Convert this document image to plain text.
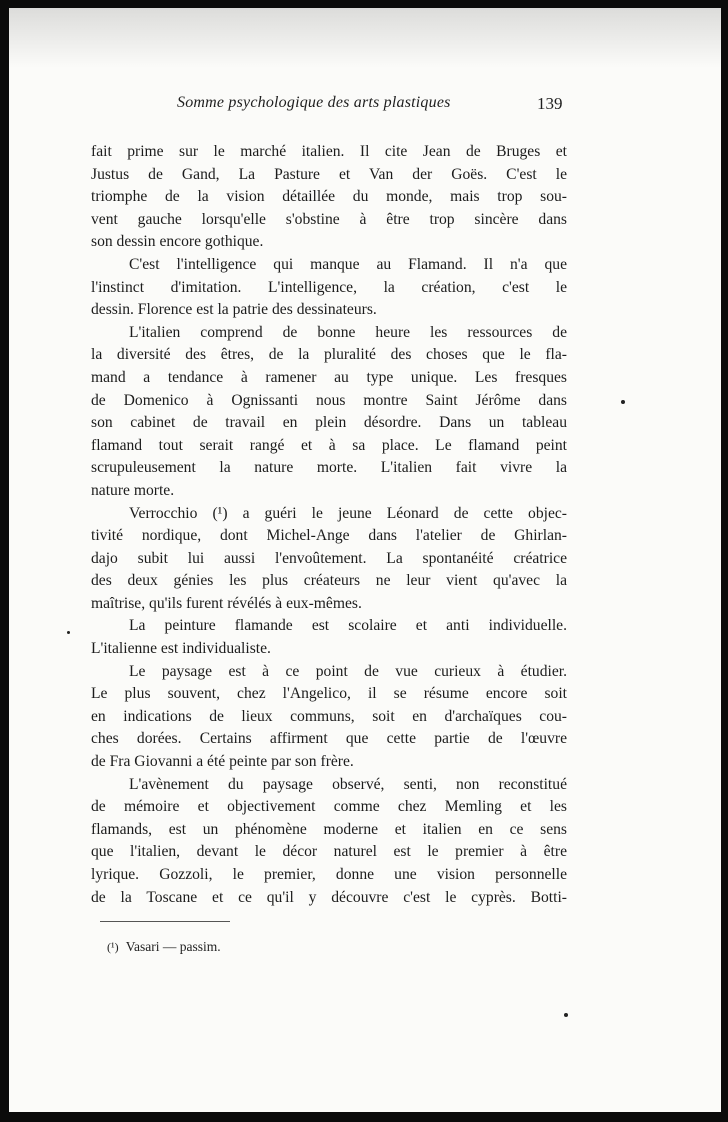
Somme psychologique des arts plastiques	139
fait prime sur le marché italien. Il cite Jean de Bruges et
Justus de Gand, La Pasture et Van der Goës. C'est le
triomphe de la vision détaillée du monde, mais trop sou-
vent gauche lorsqu'elle s'obstine à être trop sincère dans
son dessin encore gothique.
C'est l'intelligence qui manque au Flamand. Il n'a que
l'instinct d'imitation. L'intelligence, la création, c'est le
dessin. Florence est la patrie des dessinateurs.
L'italien comprend de bonne heure les ressources de
la diversité des êtres, de la pluralité des choses que le fla-
mand a tendance à ramener au type unique. Les fresques
de Domenico à Ognissanti nous montre Saint Jérôme dans
son cabinet de travail en plein désordre. Dans un tableau
flamand tout serait rangé et à sa place. Le flamand peint
scrupuleusement la nature morte. L'italien fait vivre la
nature morte.
Verrocchio (¹) a guéri le jeune Léonard de cette objec-
tivité nordique, dont Michel-Ange dans l'atelier de Ghirlan-
dajo subit lui aussi l'envoûtement. La spontanéité créatrice
des deux génies les plus créateurs ne leur vient qu'avec la
maîtrise, qu'ils furent révélés à eux-mêmes.
La peinture flamande est scolaire et anti individuelle.
L'italienne est individualiste.
Le paysage est à ce point de vue curieux à étudier.
Le plus souvent, chez l'Angelico, il se résume encore soit
en indications de lieux communs, soit en d'archaïques cou-
ches dorées. Certains affirment que cette partie de l'œuvre
de Fra Giovanni a été peinte par son frère.
L'avènement du paysage observé, senti, non reconstitué
de mémoire et objectivement comme chez Memling et les
flamands, est un phénomène moderne et italien en ce sens
que l'italien, devant le décor naturel est le premier à être
lyrique. Gozzoli, le premier, donne une vision personnelle
de la Toscane et ce qu'il y découvre c'est le cyprès. Botti-
(¹) Vasari — passim.
